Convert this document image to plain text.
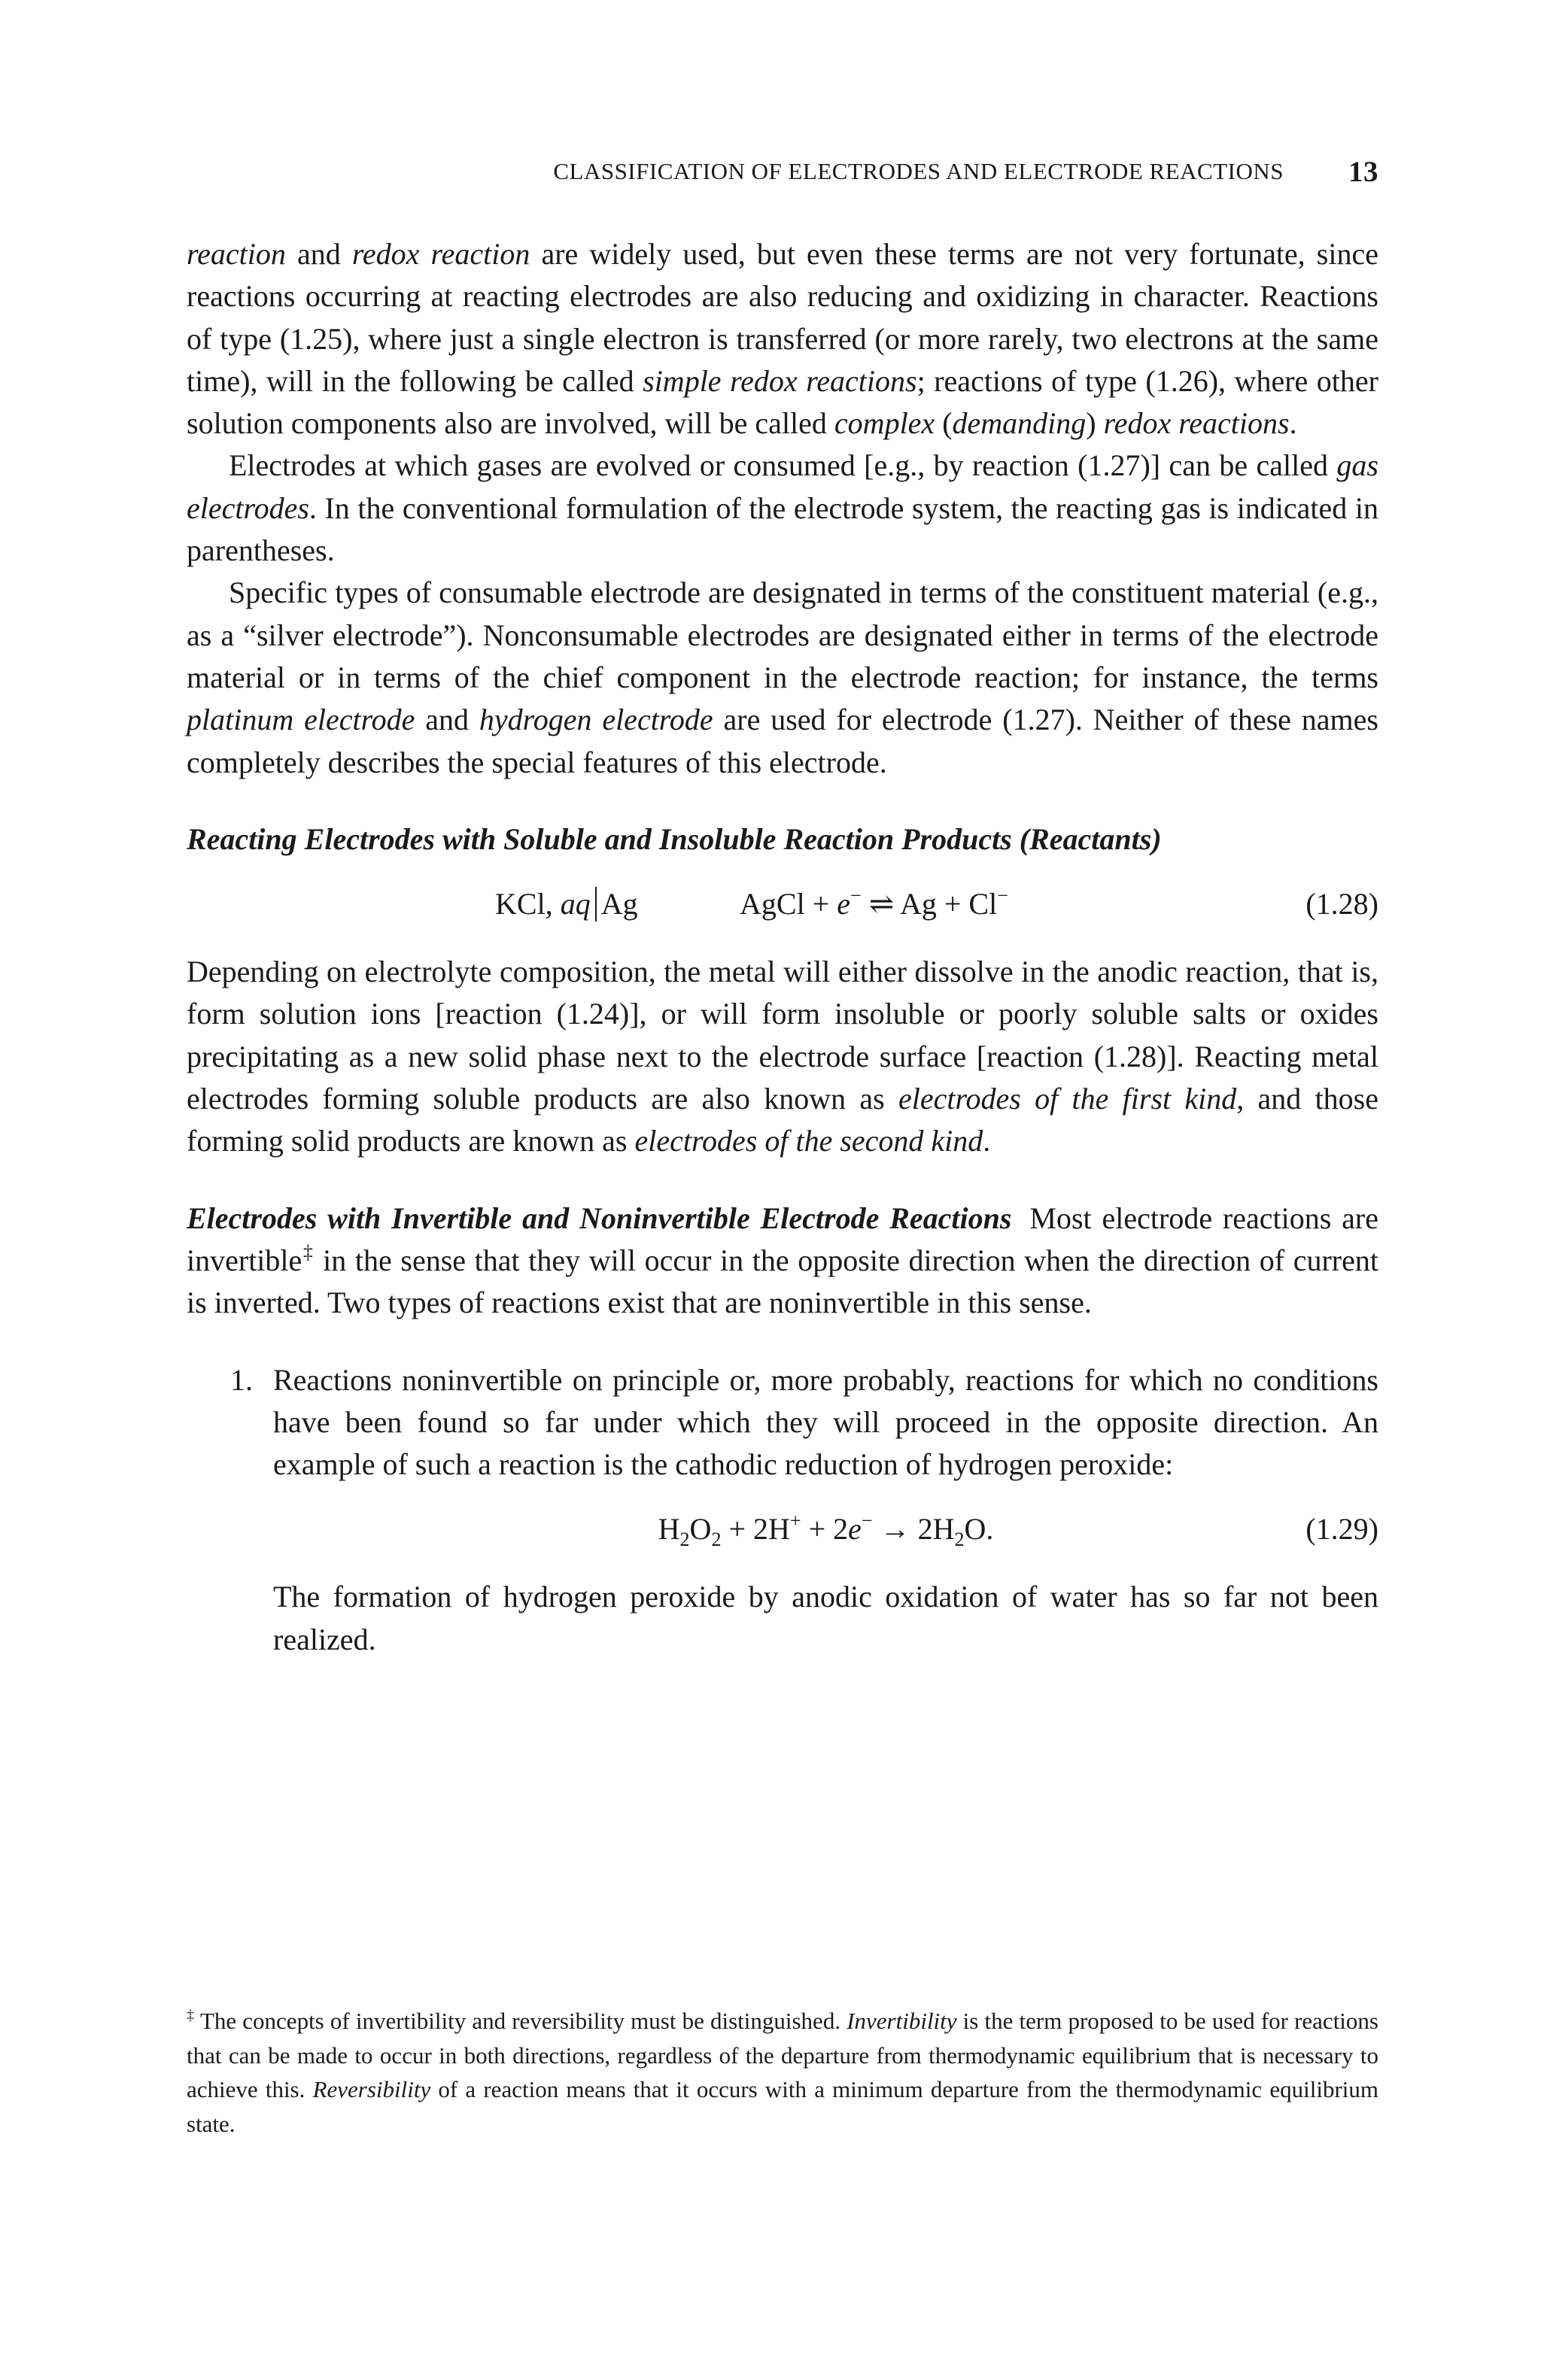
CLASSIFICATION OF ELECTRODES AND ELECTRODE REACTIONS 13

reaction and redox reaction are widely used, but even these terms are not very fortunate, since reactions occurring at reacting electrodes are also reducing and oxidizing in character. Reactions of type (1.25), where just a single electron is transferred (or more rarely, two electrons at the same time), will in the following be called simple redox reactions; reactions of type (1.26), where other solution components also are involved, will be called complex (demanding) redox reactions.

Electrodes at which gases are evolved or consumed [e.g., by reaction (1.27)] can be called gas electrodes. In the conventional formulation of the electrode system, the reacting gas is indicated in parentheses.

Specific types of consumable electrode are designated in terms of the constituent material (e.g., as a “silver electrode”). Nonconsumable electrodes are designated either in terms of the electrode material or in terms of the chief component in the electrode reaction; for instance, the terms platinum electrode and hydrogen electrode are used for electrode (1.27). Neither of these names completely describes the special features of this electrode.

Reacting Electrodes with Soluble and Insoluble Reaction Products (Reactants)

KCl, aq Ag	AgCl + e− ⇌ Ag + Cl−	(1.28)

Depending on electrolyte composition, the metal will either dissolve in the anodic reaction, that is, form solution ions [reaction (1.24)], or will form insoluble or poorly soluble salts or oxides precipitating as a new solid phase next to the electrode surface [reaction (1.28)]. Reacting metal electrodes forming soluble products are also known as electrodes of the first kind, and those forming solid products are known as electrodes of the second kind.

Electrodes with Invertible and Noninvertible Electrode Reactions Most electrode reactions are invertible‡ in the sense that they will occur in the opposite direction when the direction of current is inverted. Two types of reactions exist that are noninvertible in this sense.

1. Reactions noninvertible on principle or, more probably, reactions for which no conditions have been found so far under which they will proceed in the opposite direction. An example of such a reaction is the cathodic reduction of hydrogen peroxide:

$H_2O_2 + 2H^+ + 2e^- \to 2H_2O$.	(1.29)

The formation of hydrogen peroxide by anodic oxidation of water has so far not been realized.

‡ The concepts of invertibility and reversibility must be distinguished. Invertibility is the term proposed to be used for reactions that can be made to occur in both directions, regardless of the departure from thermodynamic equilibrium that is necessary to achieve this. Reversibility of a reaction means that it occurs with a minimum departure from the thermodynamic equilibrium state.
